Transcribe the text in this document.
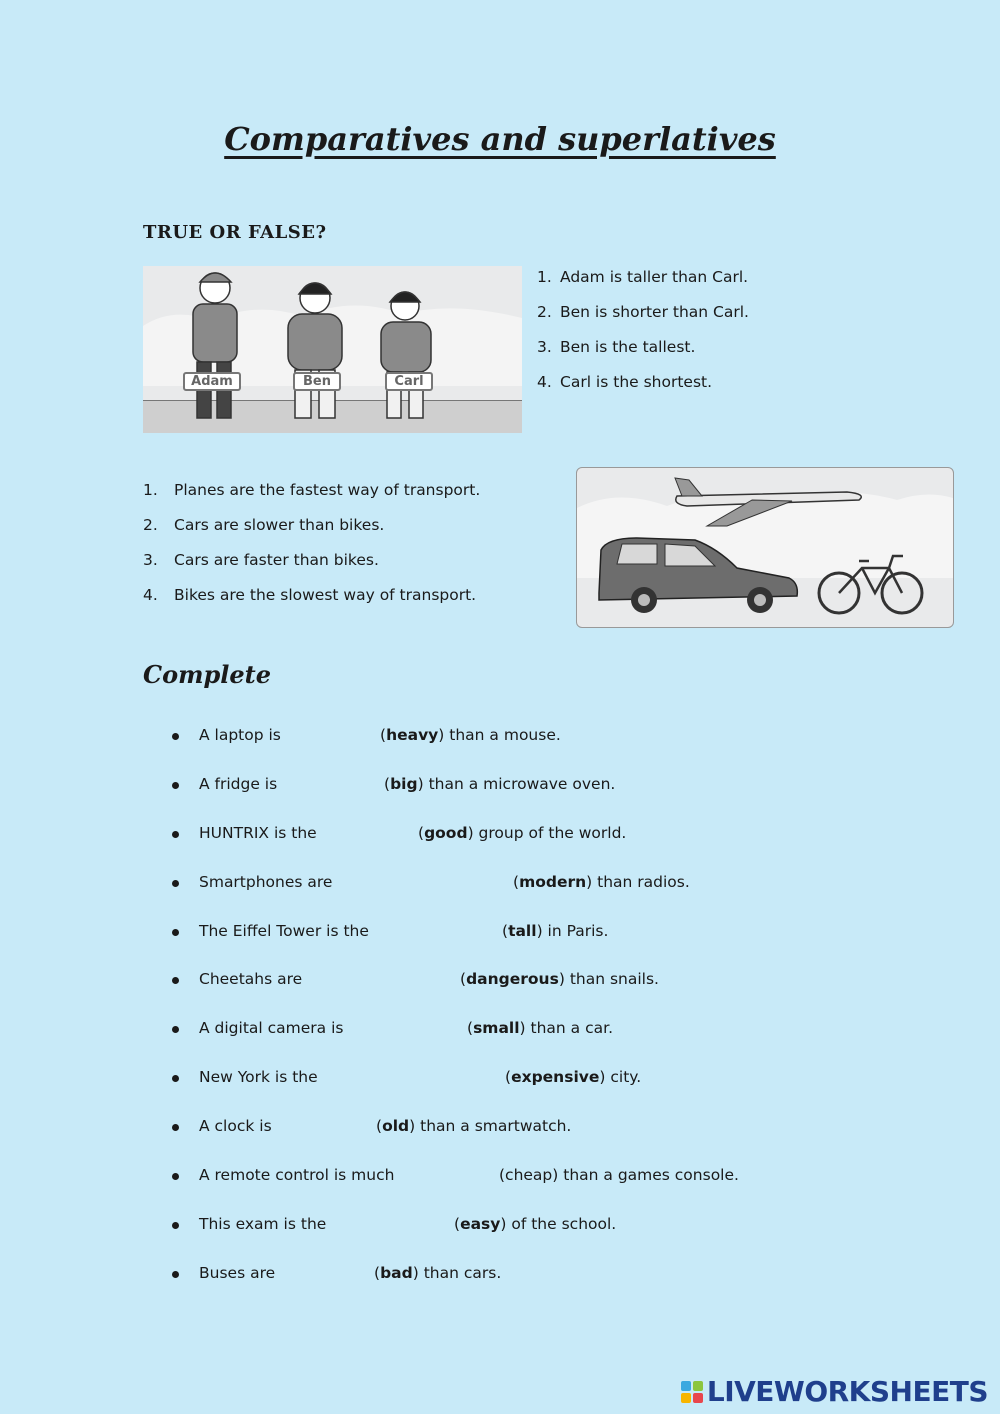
Comparatives and superlatives
TRUE OR FALSE?
Adam	Ben	Carl
1. Adam is taller than Carl.
2. Ben is shorter than Carl.
3. Ben is the tallest.
4. Carl is the shortest.
1.	Planes are the fastest way of transport.
2.	Cars are slower than bikes.
3.	Cars are faster than bikes.
4.	Bikes are the slowest way of transport.
Complete
A laptop is	(heavy) than a mouse.
A fridge is	(big) than a microwave oven.
HUNTRIX is the	(good) group of the world.
Smartphones are	(modern) than radios.
The Eiffel Tower is the	(tall) in Paris.
Cheetahs are	(dangerous) than snails.
A digital camera is	(small) than a car.
New York is the	(expensive) city.
A clock is	(old) than a smartwatch.
A remote control is much	(cheap) than a games console.
This exam is the	(easy) of the school.
Buses are	(bad) than cars.
LIVEWORKSHEETS
